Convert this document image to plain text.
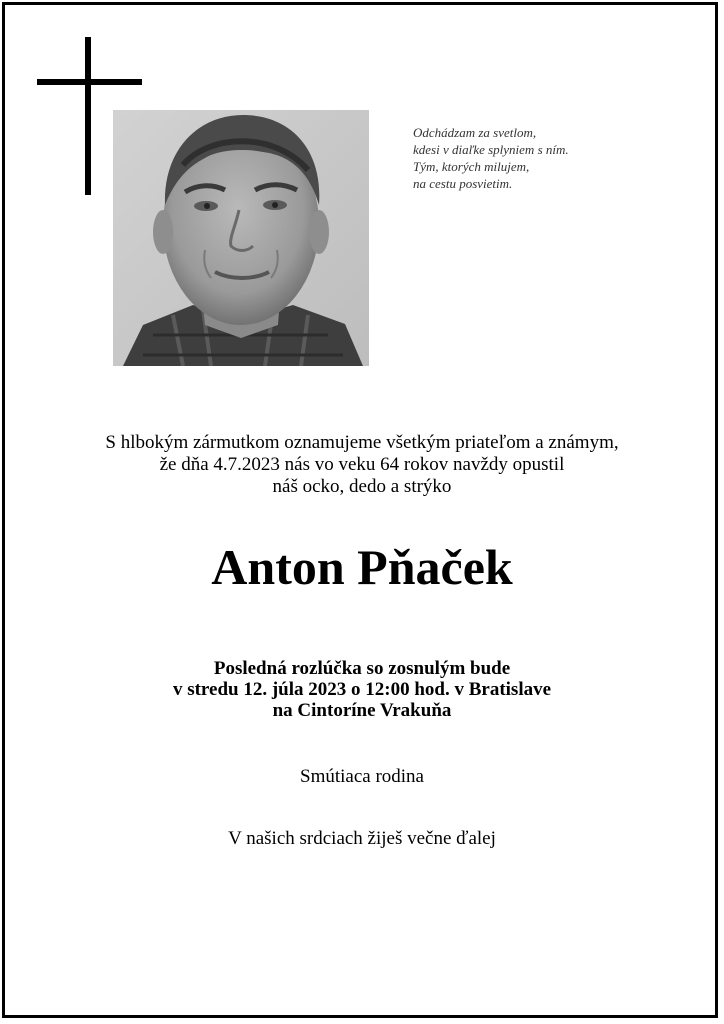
Odchádzam za svetlom,
kdesi v diaľke splyniem s ním.
Tým, ktorých milujem,
na cestu posvietim.
S hlbokým zármutkom oznamujeme všetkým priateľom a známym,
že dňa 4.7.2023 nás vo veku 64 rokov navždy opustil
náš ocko, dedo a strýko
Anton Pňaček
Posledná rozlúčka so zosnulým bude
v stredu 12. júla 2023 o 12:00 hod. v Bratislave
na Cintoríne Vrakuňa
Smútiaca rodina
V našich srdciach žiješ večne ďalej
